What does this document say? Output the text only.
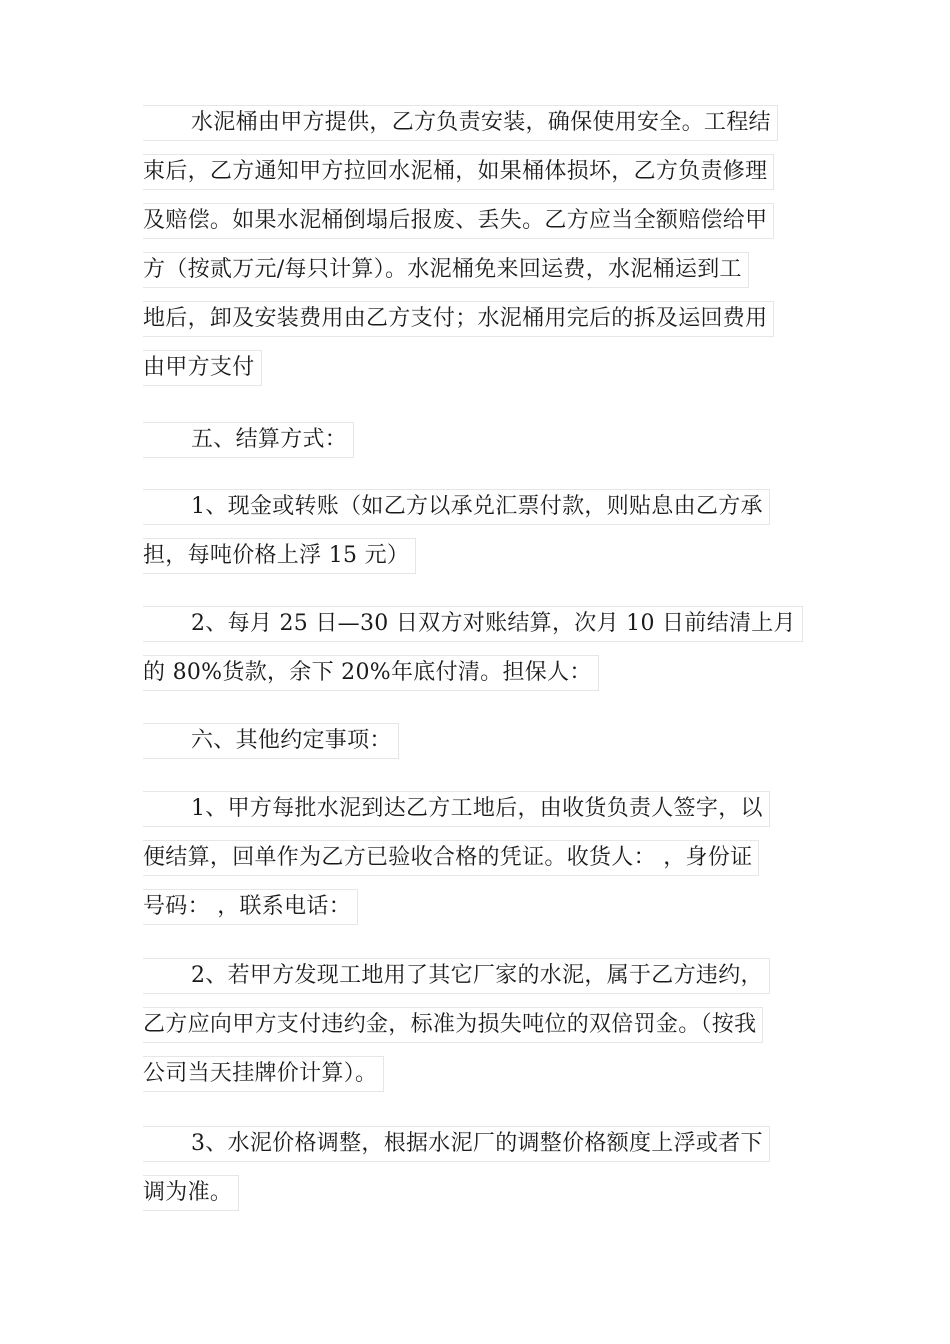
水泥桶由甲方提供，乙方负责安装，确保使用安全。工程结
束后，乙方通知甲方拉回水泥桶，如果桶体损坏，乙方负责修理
及赔偿。如果水泥桶倒塌后报废、丢失。乙方应当全额赔偿给甲
方（按贰万元/每只计算）。水泥桶免来回运费，水泥桶运到工
地后，卸及安装费用由乙方支付；水泥桶用完后的拆及运回费用
由甲方支付
五、结算方式：
1、现金或转账（如乙方以承兑汇票付款，则贴息由乙方承
担，每吨价格上浮 15 元）
2、每月 25 日—30 日双方对账结算，次月 10 日前结清上月
的 80%货款，余下 20%年底付清。担保人：
六、其他约定事项：
1、甲方每批水泥到达乙方工地后，由收货负责人签字，以
便结算，回单作为乙方已验收合格的凭证。收货人： ，身份证
号码： ，联系电话：
2、若甲方发现工地用了其它厂家的水泥，属于乙方违约，
乙方应向甲方支付违约金，标准为损失吨位的双倍罚金。（按我
公司当天挂牌价计算）。
3、水泥价格调整，根据水泥厂的调整价格额度上浮或者下
调为准。
